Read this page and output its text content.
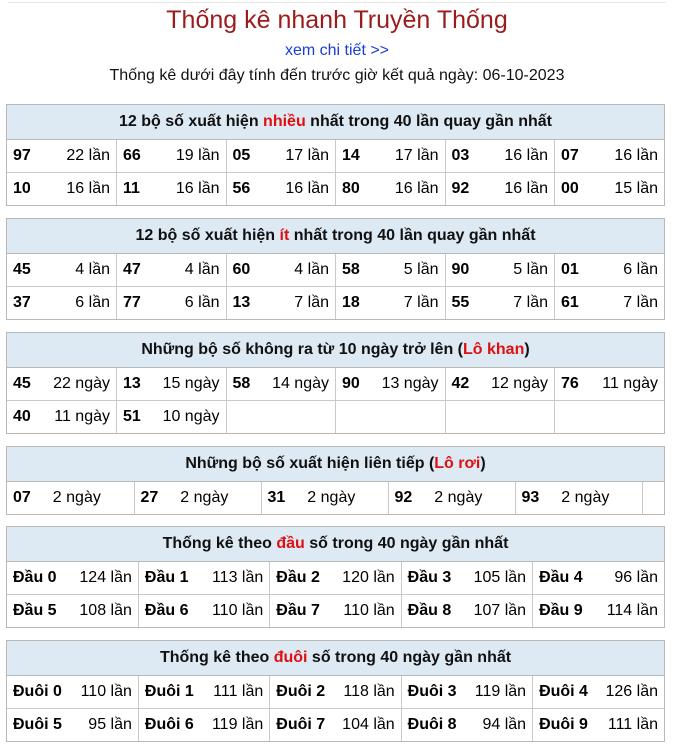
Thống kê nhanh Truyền Thống
xem chi tiết >>
Thống kê dưới đây tính đến trước giờ kết quả ngày: 06-10-2023
12 bộ số xuất hiện nhiều nhất trong 40 lần quay gần nhất
97 22 lần	66 19 lần	05 17 lần	14 17 lần	03 16 lần	07 16 lần

10 16 lần	11 16 lần	56 16 lần	80 16 lần	92 16 lần	00 15 lần
12 bộ số xuất hiện ít nhất trong 40 lần quay gần nhất
45 4 lần	47 4 lần	60 4 lần	58 5 lần	90 5 lần	01 6 lần

37 6 lần	77 6 lần	13 7 lần	18 7 lần	55 7 lần	61 7 lần
Những bộ số không ra từ 10 ngày trở lên (Lô khan)
45 22 ngày	13 15 ngày	58 14 ngày	90 13 ngày	42 12 ngày	76 11 ngày

40 11 ngày	51 10 ngày				

Những bộ số xuất hiện liên tiếp (Lô rơi)
07 2 ngày	27 2 ngày	31 2 ngày	92 2 ngày	93 2 ngày	
Thống kê theo đầu số trong 40 ngày gần nhất
Đầu 0 124 lần	Đầu 1 113 lần	Đầu 2 120 lần	Đầu 3 105 lần	Đầu 4 96 lần

Đầu 5 108 lần	Đầu 6 110 lần	Đầu 7 110 lần	Đầu 8 107 lần	Đầu 9 114 lần
Thống kê theo đuôi số trong 40 ngày gần nhất
Đuôi 0 110 lần	Đuôi 1 111 lần	Đuôi 2 118 lần	Đuôi 3 119 lần	Đuôi 4 126 lần

Đuôi 5 95 lần	Đuôi 6 119 lần	Đuôi 7 104 lần	Đuôi 8 94 lần	Đuôi 9 111 lần
